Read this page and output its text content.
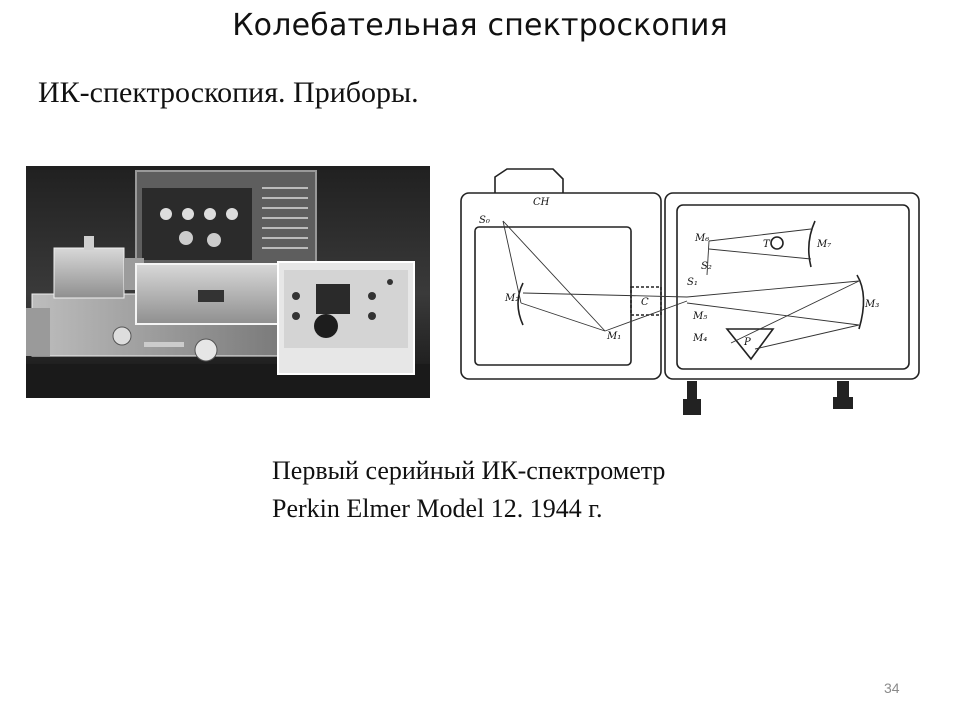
Колебательная спектроскопия
ИК-спектроскопия. Приборы.
S₀
CH
M₁
M₂
M₃
M₄
M₅
M₆
M₇
S₁
S₂
C
T
P
Первый серийный ИК-спектрометр
Perkin Elmer Model 12. 1944 г.
34
